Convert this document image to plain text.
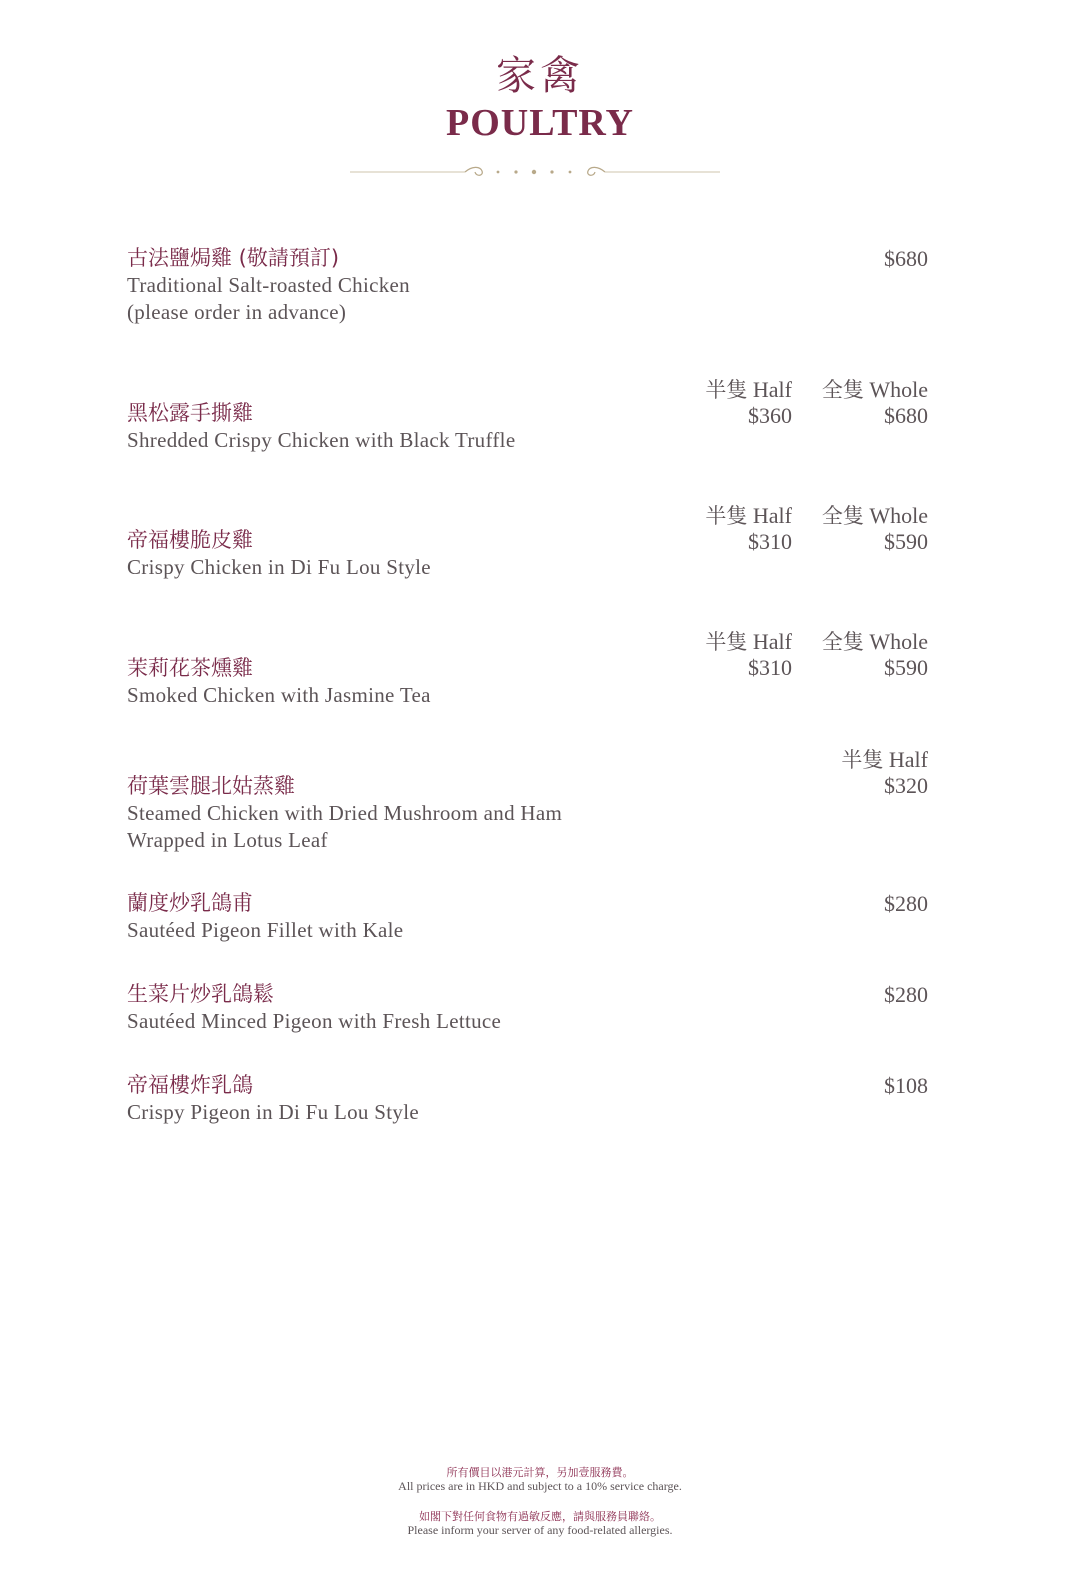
家禽
POULTRY
古法鹽焗雞 (敬請預訂)
Traditional Salt-roasted Chicken
(please order in advance)
$680
黑松露手撕雞
Shredded Crispy Chicken with Black Truffle
半隻 Half
$360
全隻 Whole
$680
帝福樓脆皮雞
Crispy Chicken in Di Fu Lou Style
半隻 Half
$310
全隻 Whole
$590
茉莉花茶燻雞
Smoked Chicken with Jasmine Tea
半隻 Half
$310
全隻 Whole
$590
荷葉雲腿北姑蒸雞
Steamed Chicken with Dried Mushroom and Ham
Wrapped in Lotus Leaf
半隻 Half
$320
蘭度炒乳鴿甫
Sautéed Pigeon Fillet with Kale
$280
生菜片炒乳鴿鬆
Sautéed Minced Pigeon with Fresh Lettuce
$280
帝福樓炸乳鴿
Crispy Pigeon in Di Fu Lou Style
$108
所有價目以港元計算，另加壹服務費。
All prices are in HKD and subject to a 10% service charge.
如閣下對任何食物有過敏反應，請與服務員聯絡。
Please inform your server of any food-related allergies.
